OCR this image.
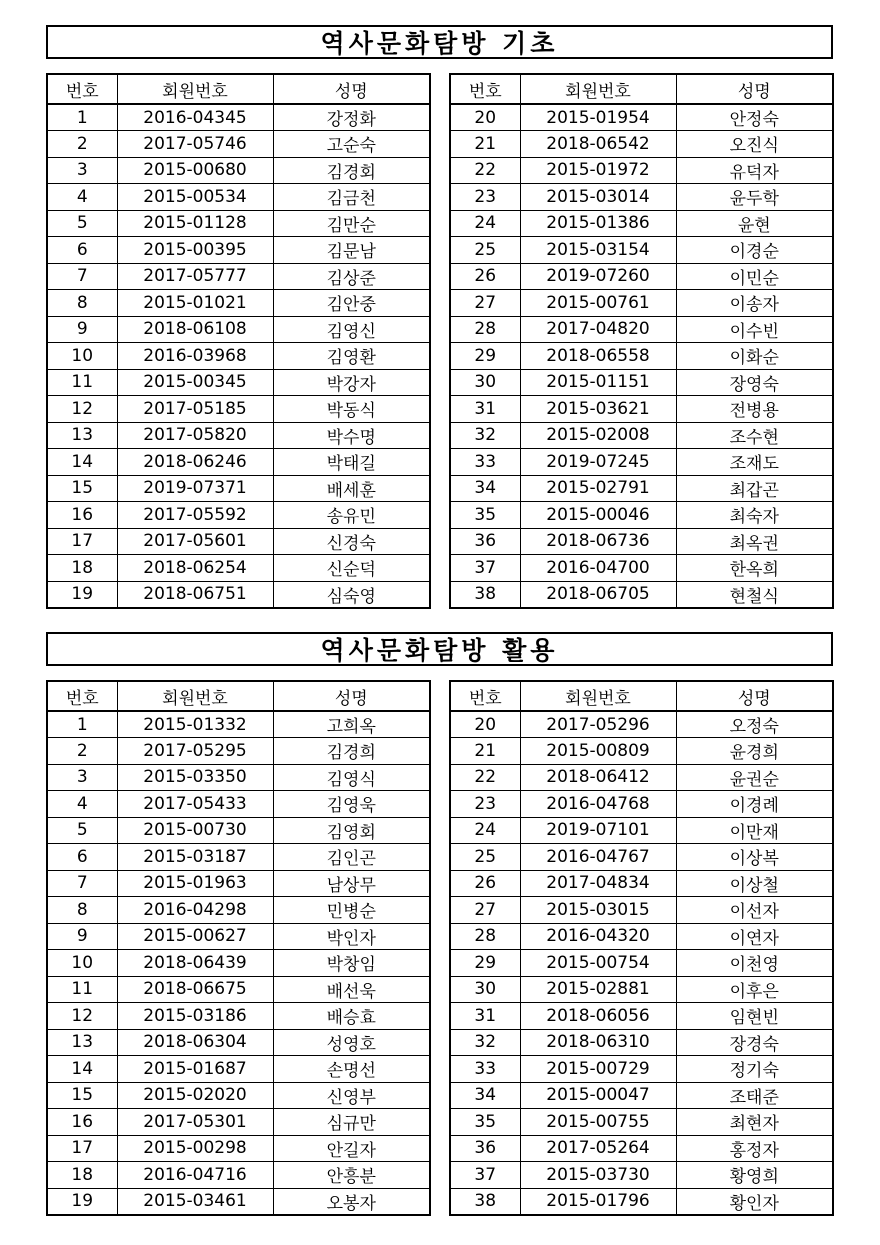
역사문화탐방 기초
번호	회원번호	성명
1	2016-04345	강정화
2	2017-05746	고순숙
3	2015-00680	김경회
4	2015-00534	김금천
5	2015-01128	김만순
6	2015-00395	김문남
7	2017-05777	김상준
8	2015-01021	김안중
9	2018-06108	김영신
10	2016-03968	김영환
11	2015-00345	박강자
12	2017-05185	박동식
13	2017-05820	박수명
14	2018-06246	박태길
15	2019-07371	배세훈
16	2017-05592	송유민
17	2017-05601	신경숙
18	2018-06254	신순덕
19	2018-06751	심숙영
번호	회원번호	성명
20	2015-01954	안정숙
21	2018-06542	오진식
22	2015-01972	유덕자
23	2015-03014	윤두학
24	2015-01386	윤현
25	2015-03154	이경순
26	2019-07260	이민순
27	2015-00761	이송자
28	2017-04820	이수빈
29	2018-06558	이화순
30	2015-01151	장영숙
31	2015-03621	전병용
32	2015-02008	조수현
33	2019-07245	조재도
34	2015-02791	최갑곤
35	2015-00046	최숙자
36	2018-06736	최옥권
37	2016-04700	한옥희
38	2018-06705	현철식
역사문화탐방 활용
번호	회원번호	성명
1	2015-01332	고희옥
2	2017-05295	김경희
3	2015-03350	김영식
4	2017-05433	김영욱
5	2015-00730	김영회
6	2015-03187	김인곤
7	2015-01963	남상무
8	2016-04298	민병순
9	2015-00627	박인자
10	2018-06439	박창임
11	2018-06675	배선욱
12	2015-03186	배승효
13	2018-06304	성영호
14	2015-01687	손명선
15	2015-02020	신영부
16	2017-05301	심규만
17	2015-00298	안길자
18	2016-04716	안흥분
19	2015-03461	오봉자
번호	회원번호	성명
20	2017-05296	오정숙
21	2015-00809	윤경희
22	2018-06412	윤권순
23	2016-04768	이경례
24	2019-07101	이만재
25	2016-04767	이상복
26	2017-04834	이상철
27	2015-03015	이선자
28	2016-04320	이연자
29	2015-00754	이천영
30	2015-02881	이후은
31	2018-06056	임현빈
32	2018-06310	장경숙
33	2015-00729	정기숙
34	2015-00047	조태준
35	2015-00755	최현자
36	2017-05264	홍정자
37	2015-03730	황영희
38	2015-01796	황인자
